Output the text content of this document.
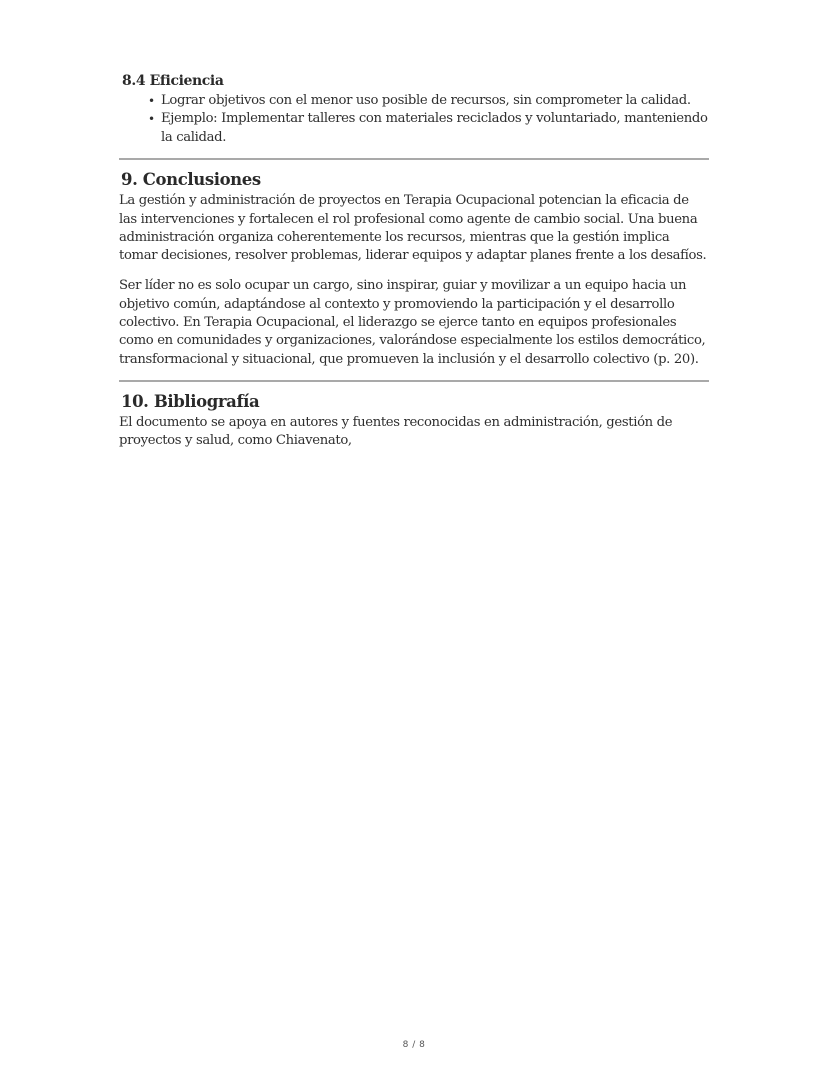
8.4 Eficiencia
• Lograr objetivos con el menor uso posible de recursos, sin comprometer la calidad.
• Ejemplo: Implementar talleres con materiales reciclados y voluntariado, manteniendo la calidad.
9. Conclusiones

La gestión y administración de proyectos en Terapia Ocupacional potencian la eficacia de las intervenciones y fortalecen el rol profesional como agente de cambio social. Una buena administración organiza coherentemente los recursos, mientras que la gestión implica tomar decisiones, resolver problemas, liderar equipos y adaptar planes frente a los desafíos.

Ser líder no es solo ocupar un cargo, sino inspirar, guiar y movilizar a un equipo hacia un objetivo común, adaptándose al contexto y promoviendo la participación y el desarrollo colectivo. En Terapia Ocupacional, el liderazgo se ejerce tanto en equipos profesionales como en comunidades y organizaciones, valorándose especialmente los estilos democrático, transformacional y situacional, que promueven la inclusión y el desarrollo colectivo (p. 20).

10. Bibliografía

El documento se apoya en autores y fuentes reconocidas en administración, gestión de proyectos y salud, como Chiavenato,

8 / 8
